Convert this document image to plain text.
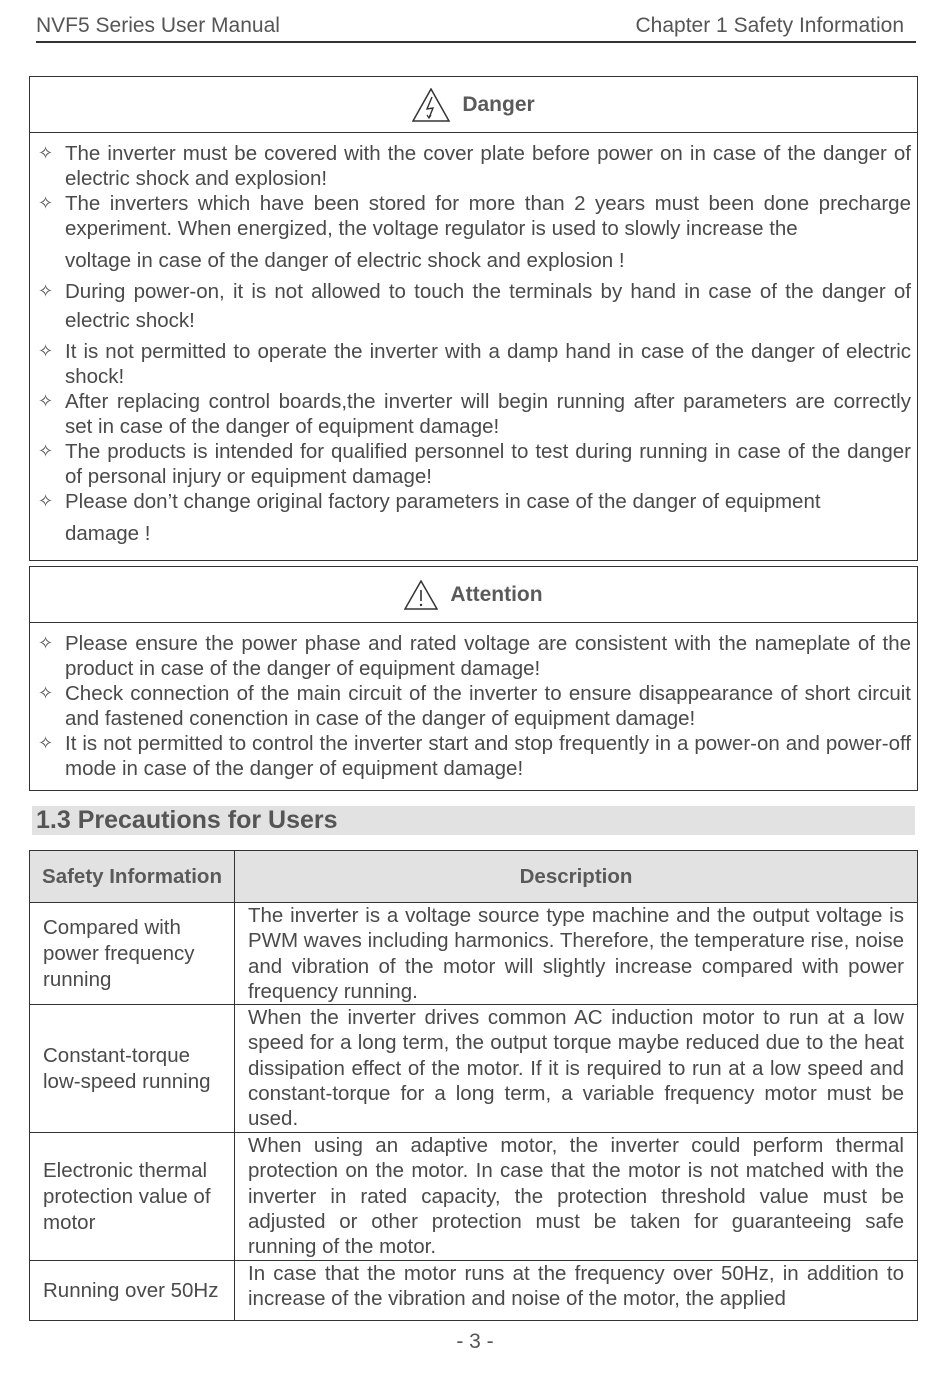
NVF5 Series User Manual	Chapter 1 Safety Information
Danger
✧ The inverter must be covered with the cover plate before power on in case of the danger of electric shock and explosion!

✧ The inverters which have been stored for more than 2 years must been done precharge experiment. When energized, the voltage regulator is used to slowly increase the

voltage in case of the danger of electric shock and explosion !

✧ During power-on, it is not allowed to touch the terminals by hand in case of the danger of electric shock!

✧ It is not permitted to operate the inverter with a damp hand in case of the danger of electric shock!

✧ After replacing control boards,the inverter will begin running after parameters are correctly set in case of the danger of equipment damage!

✧ The products is intended for qualified personnel to test during running in case of the danger of personal injury or equipment damage!

✧ Please don’t change original factory parameters in case of the danger of equipment

damage !

Attention
✧ Please ensure the power phase and rated voltage are consistent with the nameplate of the product in case of the danger of equipment damage!

✧ Check connection of the main circuit of the inverter to ensure disappearance of short circuit and fastened conenction in case of the danger of equipment damage!

✧ It is not permitted to control the inverter start and stop frequently in a power-on and power-off mode in case of the danger of equipment damage!

1.3 Precautions for Users
Safety Information	Description
Compared with power frequency running	The inverter is a voltage source type machine and the output voltage is PWM waves including harmonics. Therefore, the temperature rise, noise and vibration of the motor will slightly increase compared with power frequency running.
Constant-torque low-speed running	When the inverter drives common AC induction motor to run at a low speed for a long term, the output torque maybe reduced due to the heat dissipation effect of the motor. If it is required to run at a low speed and constant-torque for a long term, a variable frequency motor must be used.
Electronic thermal protection value of motor	When using an adaptive motor, the inverter could perform thermal protection on the motor. In case that the motor is not matched with the inverter in rated capacity, the protection threshold value must be adjusted or other protection must be taken for guaranteeing safe running of the motor.
Running over 50Hz	In case that the motor runs at the frequency over 50Hz, in addition to increase of the vibration and noise of the motor, the applied
- 3 -
